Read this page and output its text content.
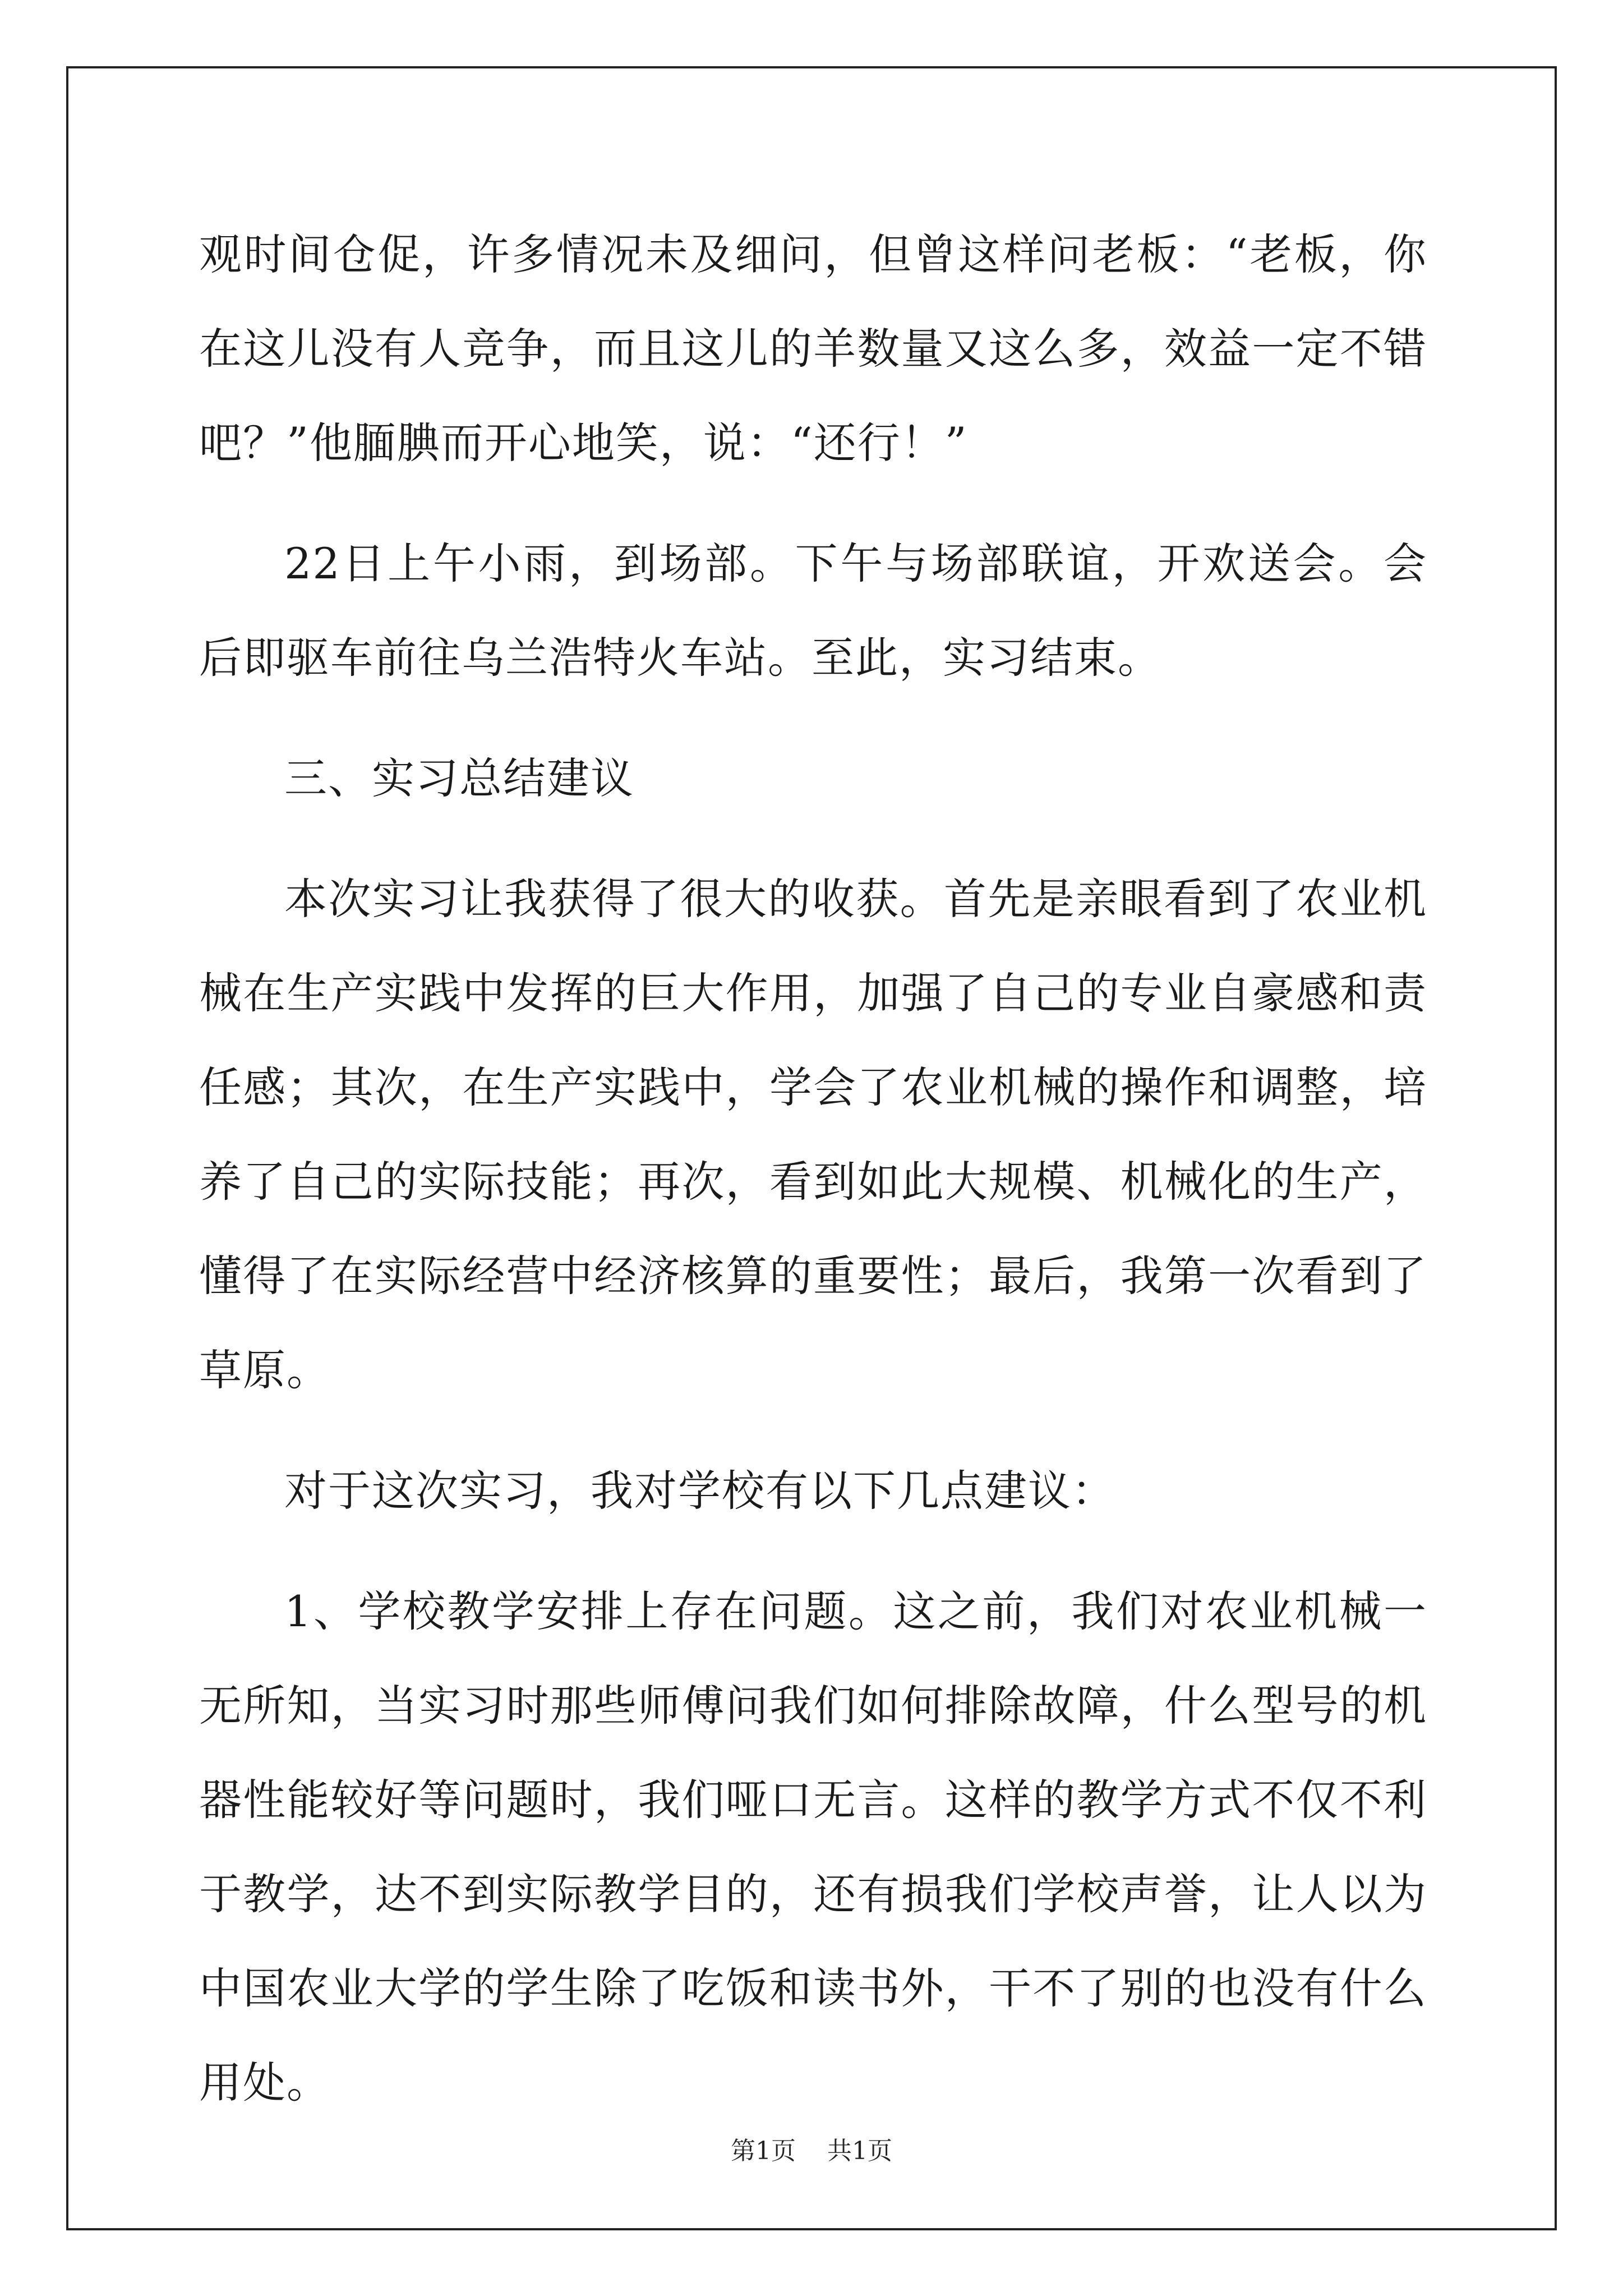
观时间仓促，许多情况未及细问，但曾这样问老板：“老板，你在这儿没有人竞争，而且这儿的羊数量又这么多，效益一定不错吧？”他腼腆而开心地笑，说：“还行！”

22日上午小雨，到场部。下午与场部联谊，开欢送会。会后即驱车前往乌兰浩特火车站。至此，实习结束。

三、实习总结建议

本次实习让我获得了很大的收获。首先是亲眼看到了农业机械在生产实践中发挥的巨大作用，加强了自己的专业自豪感和责任感；其次，在生产实践中，学会了农业机械的操作和调整，培养了自己的实际技能；再次，看到如此大规模、机械化的生产，懂得了在实际经营中经济核算的重要性；最后，我第一次看到了草原。

对于这次实习，我对学校有以下几点建议：

1、学校教学安排上存在问题。这之前，我们对农业机械一无所知，当实习时那些师傅问我们如何排除故障，什么型号的机器性能较好等问题时，我们哑口无言。这样的教学方式不仅不利于教学，达不到实际教学目的，还有损我们学校声誉，让人以为中国农业大学的学生除了吃饭和读书外，干不了别的也没有什么用处。

第1页 共1页
